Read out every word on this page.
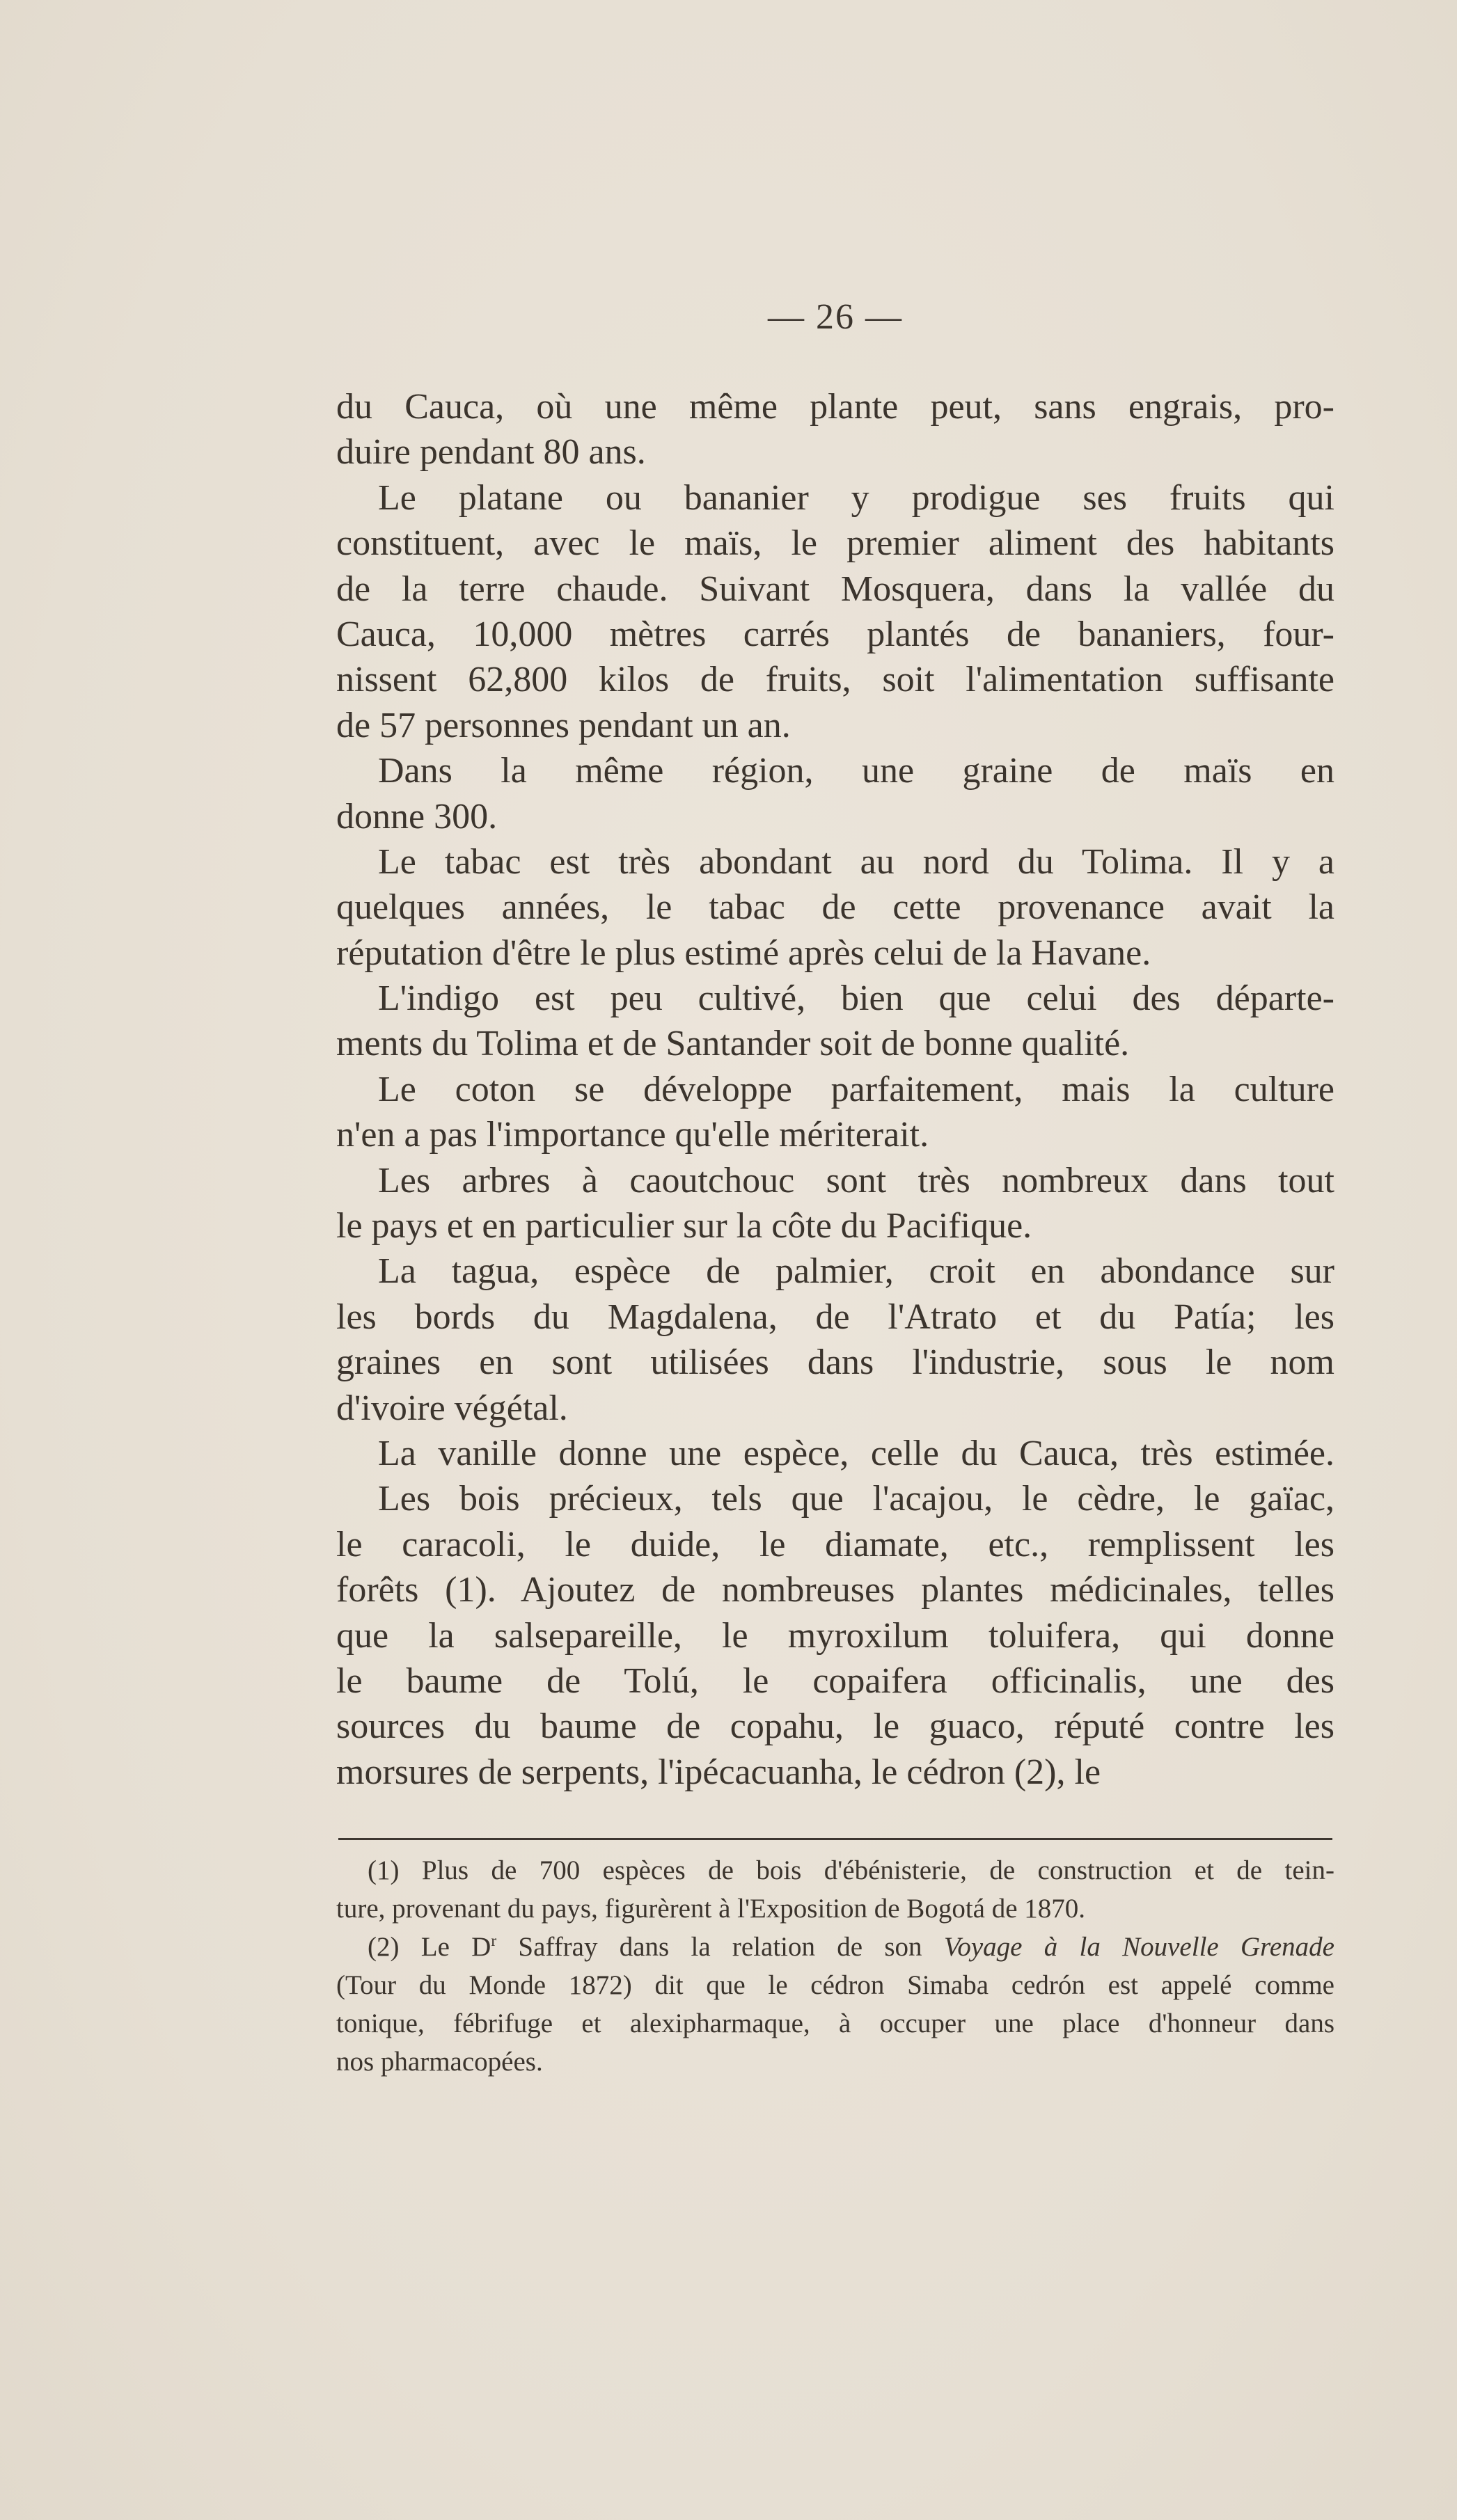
— 26 —
du Cauca, où une même plante peut, sans engrais, pro-
duire pendant 80 ans.
Le platane ou bananier y prodigue ses fruits qui
constituent, avec le maïs, le premier aliment des habitants
de la terre chaude. Suivant Mosquera, dans la vallée du
Cauca, 10,000 mètres carrés plantés de bananiers, four-
nissent 62,800 kilos de fruits, soit l'alimentation suffisante
de 57 personnes pendant un an.
Dans la même région, une graine de maïs en
donne 300.
Le tabac est très abondant au nord du Tolima. Il y a
quelques années, le tabac de cette provenance avait la
réputation d'être le plus estimé après celui de la Havane.
L'indigo est peu cultivé, bien que celui des départe-
ments du Tolima et de Santander soit de bonne qualité.
Le coton se développe parfaitement, mais la culture
n'en a pas l'importance qu'elle mériterait.
Les arbres à caoutchouc sont très nombreux dans tout
le pays et en particulier sur la côte du Pacifique.
La tagua, espèce de palmier, croit en abondance sur
les bords du Magdalena, de l'Atrato et du Patía; les
graines en sont utilisées dans l'industrie, sous le nom
d'ivoire végétal.
La vanille donne une espèce, celle du Cauca, très estimée.
Les bois précieux, tels que l'acajou, le cèdre, le gaïac,
le caracoli, le duide, le diamate, etc., remplissent les
forêts (1). Ajoutez de nombreuses plantes médicinales, telles
que la salsepareille, le myroxilum toluifera, qui donne
le baume de Tolú, le copaifera officinalis, une des
sources du baume de copahu, le guaco, réputé contre les
morsures de serpents, l'ipécacuanha, le cédron (2), le
(1) Plus de 700 espèces de bois d'ébénisterie, de construction et de tein-
ture, provenant du pays, figurèrent à l'Exposition de Bogotá de 1870.
(2) Le $D^r$ Saffray dans la relation de son Voyage à la Nouvelle Grenade
(Tour du Monde 1872) dit que le cédron Simaba cedrón est appelé comme
tonique, fébrifuge et alexipharmaque, à occuper une place d'honneur dans
nos pharmacopées.
